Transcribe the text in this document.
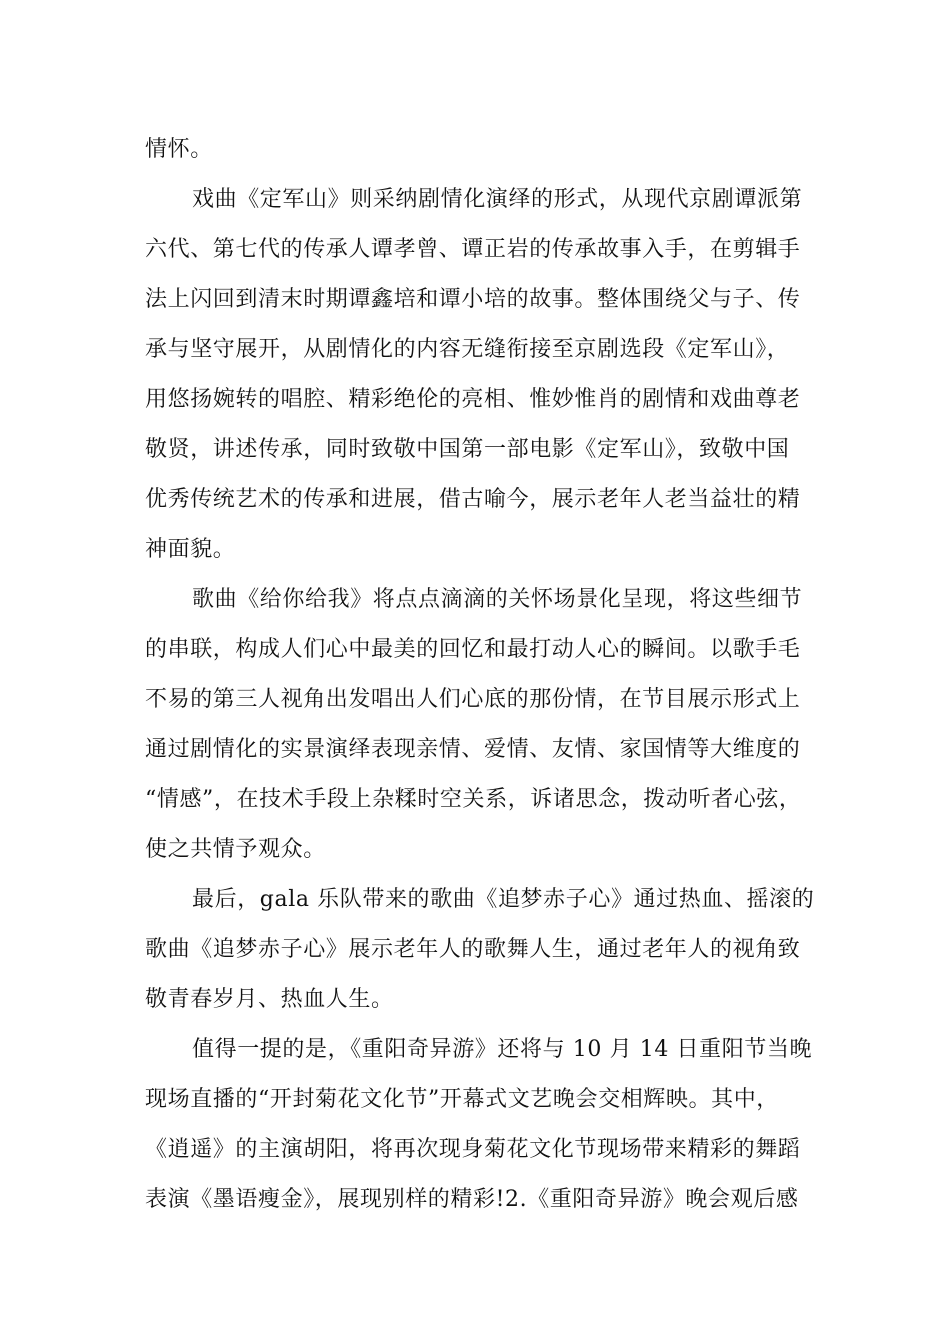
情怀。

戏曲《定军山》则采纳剧情化演绎的形式，从现代京剧谭派第

六代、第七代的传承人谭孝曾、谭正岩的传承故事入手，在剪辑手

法上闪回到清末时期谭鑫培和谭小培的故事。整体围绕父与子、传

承与坚守展开，从剧情化的内容无缝衔接至京剧选段《定军山》，

用悠扬婉转的唱腔、精彩绝伦的亮相、惟妙惟肖的剧情和戏曲尊老

敬贤，讲述传承，同时致敬中国第一部电影《定军山》，致敬中国

优秀传统艺术的传承和进展，借古喻今，展示老年人老当益壮的精

神面貌。

歌曲《给你给我》将点点滴滴的关怀场景化呈现，将这些细节

的串联，构成人们心中最美的回忆和最打动人心的瞬间。以歌手毛

不易的第三人视角出发唱出人们心底的那份情，在节目展示形式上

通过剧情化的实景演绎表现亲情、爱情、友情、家国情等大维度的

“情感”，在技术手段上杂糅时空关系，诉诸思念，拨动听者心弦，

使之共情予观众。

最后，gala 乐队带来的歌曲《追梦赤子心》通过热血、摇滚的

歌曲《追梦赤子心》展示老年人的歌舞人生，通过老年人的视角致

敬青春岁月、热血人生。

值得一提的是，《重阳奇异游》还将与 10 月 14 日重阳节当晚

现场直播的“开封菊花文化节”开幕式文艺晚会交相辉映。其中，

《逍遥》的主演胡阳，将再次现身菊花文化节现场带来精彩的舞蹈

表演《墨语瘦金》，展现别样的精彩!2.《重阳奇异游》晚会观后感
